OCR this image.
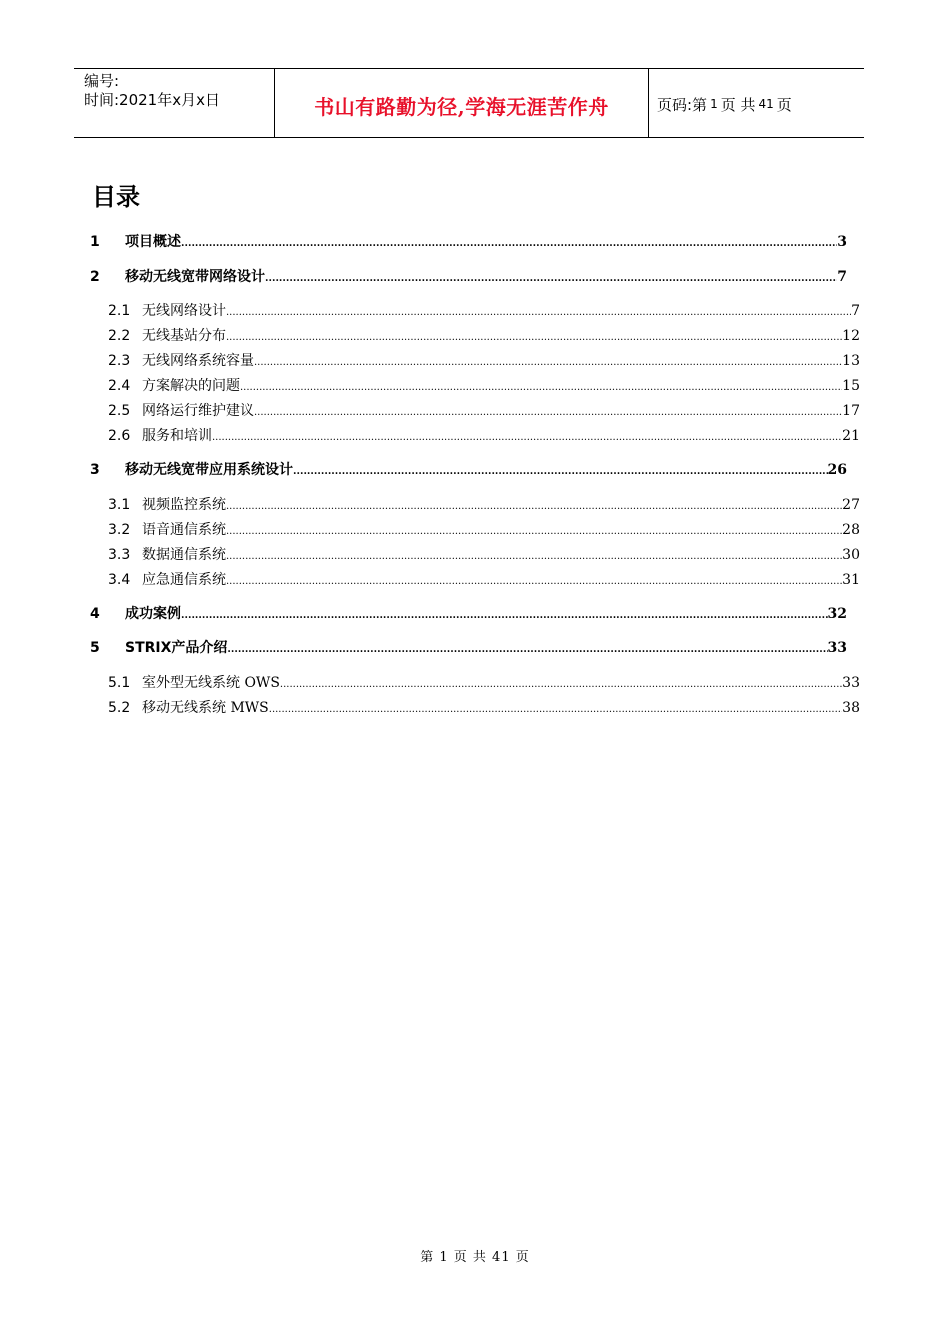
编号:
时间:2021年x月x日	书山有路勤为径,学海无涯苦作舟	页码:第 1 页 共 41 页
目录
1	项目概述 .....	3
2	移动无线宽带网络设计 .....	7
2.1 无线网络设计 .....	7
2.2 无线基站分布 .....	12
2.3 无线网络系统容量 .....	13
2.4 方案解决的问题 .....	15
2.5 网络运行维护建议 .....	17
2.6 服务和培训 .....	21
3	移动无线宽带应用系统设计 .....	26
3.1 视频监控系统 .....	27
3.2 语音通信系统 .....	28
3.3 数据通信系统 .....	30
3.4 应急通信系统 .....	31
4	成功案例 .....	32
5	STRIX产品介绍 .....	33
5.1 室外型无线系统 OWS .....	33
5.2 移动无线系统 MWS .....	38
第 1 页 共 41 页
